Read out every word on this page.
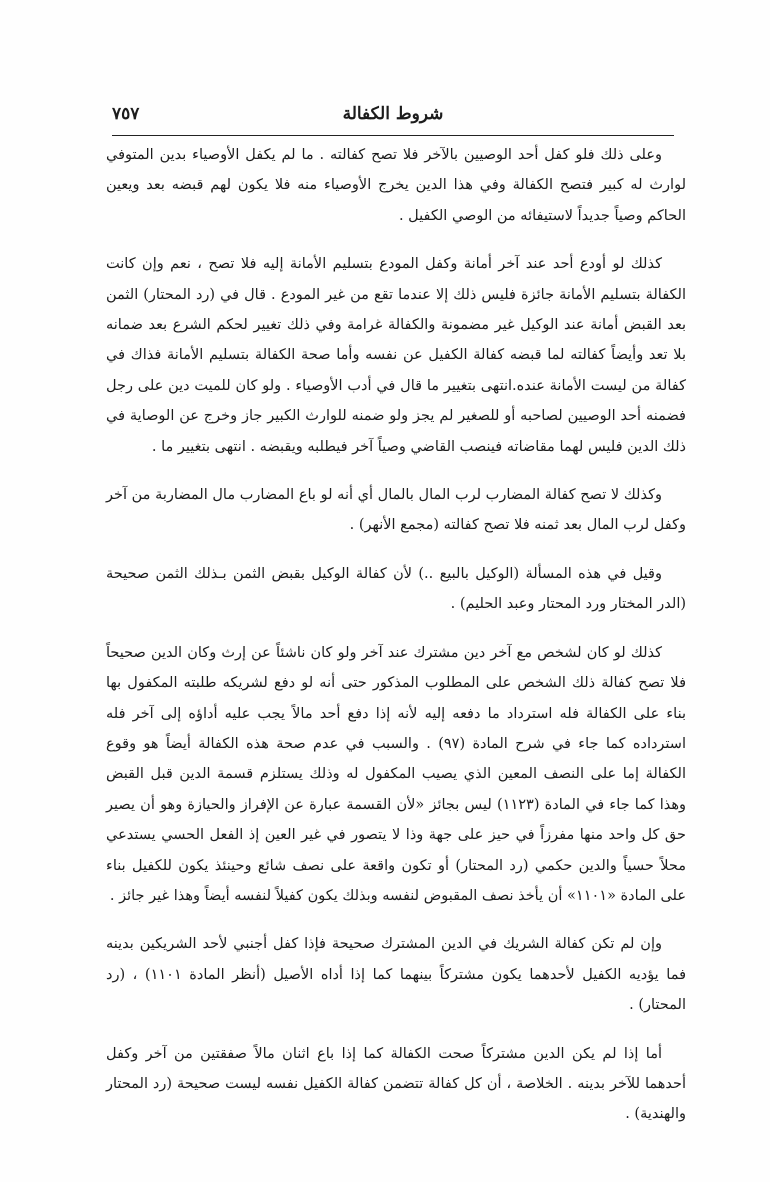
شروط الكفالة
٧٥٧

وعلى ذلك فلو كفل أحد الوصيين بالآخر فلا تصح كفالته . ما لم يكفل الأوصياء بدين المتوفي لوارث له كبير فتصح الكفالة وفي هذا الدين يخرج الأوصياء منه فلا يكون لهم قبضه بعد ويعين الحاكم وصياً جديداً لاستيفائه من الوصي الكفيل .

كذلك لو أودع أحد عند آخر أمانة وكفل المودع بتسليم الأمانة إليه فلا تصح ، نعم وإن كانت الكفالة بتسليم الأمانة جائزة فليس ذلك إلا عندما تقع من غير المودع . قال في (رد المحتار) الثمن بعد القبض أمانة عند الوكيل غير مضمونة والكفالة غرامة وفي ذلك تغيير لحكم الشرع بعد ضمانه بلا تعد وأيضاً كفالته لما قبضه كفالة الكفيل عن نفسه وأما صحة الكفالة بتسليم الأمانة فذاك في كفالة من ليست الأمانة عنده.انتهى بتغيير ما قال في أدب الأوصياء . ولو كان للميت دين على رجل فضمنه أحد الوصيين لصاحبه أو للصغير لم يجز ولو ضمنه للوارث الكبير جاز وخرج عن الوصاية في ذلك الدين فليس لهما مقاضاته فينصب القاضي وصياً آخر فيطلبه ويقبضه . انتهى بتغيير ما .

وكذلك لا تصح كفالة المضارب لرب المال بالمال أي أنه لو باع المضارب مال المضاربة من آخر وكفل لرب المال بعد ثمنه فلا تصح كفالته (مجمع الأنهر) .

وقيل في هذه المسألة (الوكيل بالبيع ..) لأن كفالة الوكيل بقبض الثمن بـذلك الثمن صحيحة (الدر المختار ورد المحتار وعبد الحليم) .

كذلك لو كان لشخص مع آخر دين مشترك عند آخر ولو كان ناشئاً عن إرث وكان الدين صحيحاً فلا تصح كفالة ذلك الشخص على المطلوب المذكور حتى أنه لو دفع لشريكه طلبته المكفول بها بناء على الكفالة فله استرداد ما دفعه إليه لأنه إذا دفع أحد مالاً يجب عليه أداؤه إلى آخر فله استرداده كما جاء في شرح المادة (٩٧) . والسبب في عدم صحة هذه الكفالة أيضاً هو وقوع الكفالة إما على النصف المعين الذي يصيب المكفول له وذلك يستلزم قسمة الدين قبل القبض وهذا كما جاء في المادة (١١٢٣) ليس بجائز «لأن القسمة عبارة عن الإفراز والحيازة وهو أن يصير حق كل واحد منها مفرزاً في حيز على جهة وذا لا يتصور في غير العين إذ الفعل الحسي يستدعي محلاً حسياً والدين حكمي (رد المحتار) أو تكون واقعة على نصف شائع وحينئذ يكون للكفيل بناء على المادة «١١٠١» أن يأخذ نصف المقبوض لنفسه وبذلك يكون كفيلاً لنفسه أيضاً وهذا غير جائز .

وإن لم تكن كفالة الشريك في الدين المشترك صحيحة فإذا كفل أجنبي لأحد الشريكين بدينه فما يؤديه الكفيل لأحدهما يكون مشتركاً بينهما كما إذا أداه الأصيل (أنظر المادة ١١٠١) ، (رد المحتار) .

أما إذا لم يكن الدين مشتركاً صحت الكفالة كما إذا باع اثنان مالاً صفقتين من آخر وكفل أحدهما للآخر بدينه . الخلاصة ، أن كل كفالة تتضمن كفالة الكفيل نفسه ليست صحيحة (رد المحتار والهندية) .
